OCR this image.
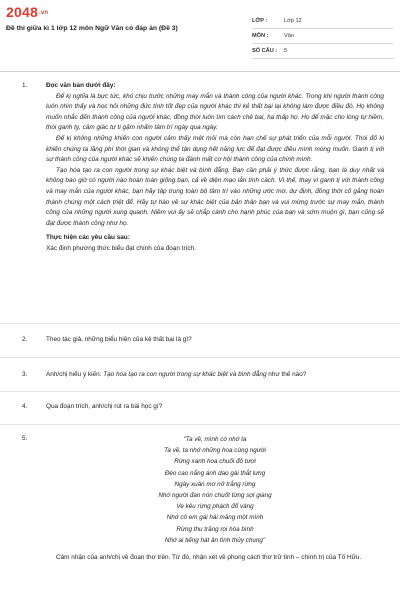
2048.vn
Đề thi giữa kì 1 lớp 12 môn Ngữ Văn có đáp án (Đề 3)
LỚP :	Lớp 12
MÔN :	Văn
SỐ CÂU : 5
1.	Đọc văn bản dưới đây:

Để kị nghĩa là bực tức, khó chịu trước những may mắn và thành công của người khác. Trong khi người thành công luôn nhìn thấy và học hỏi những đức tính tốt đẹp của người khác thì kẻ thất bại lại không làm được điều đó. Họ không muốn nhắc đến thành công của người khác, đồng thời luôn tìm cách chê bai, hạ thấp họ. Họ để mặc cho lòng tự hiềm, thói ganh tỵ, cảm giác tự ti gặm nhấm tâm trí ngày qua ngày.

Để kị không những khiến con người cảm thấy mệt mỏi mà còn hạn chế sự phát triển của mỗi người. Thói đố kị khiến chúng ta lãng phí thời gian và không thể tận dụng hết năng lực để đạt được điều mình mong muốn. Ganh tị với sự thành công của người khác sẽ khiến chúng ta đánh mất cơ hội thành công của chính mình.

Tạo hóa tạo ra con người trong sự khác biệt và bình đẳng. Bạn cần phải ý thức được rằng, bạn là duy nhất và không bao giờ có người nào hoàn toàn giống bạn, cả về diện mạo lẫn tính cách. Vì thế, thay vì ganh tị với thành công và may mắn của người khác, bạn hãy tập trung toàn bộ tâm trí vào những ước mơ, dự định, đồng thời cố gắng hoàn thành chúng một cách triệt để. Hãy tự hào về sự khác biệt của bản thân bạn và vui mừng trước sự may mắn, thành công của những người xung quanh. Niềm vui ấy sẽ chắp cánh cho hạnh phúc của bạn và sớm muộn gì, bạn cũng sẽ đạt được thành công như họ.

Thực hiện các yêu cầu sau:
Xác định phương thức biểu đạt chính của đoạn trích.
2.	Theo tác giả, những biểu hiện của kẻ thất bại là gì?
3.	Anh/chị hiểu ý kiến: Tạo hóa tạo ra con người trong sự khác biệt và bình đẳng như thế nào?
4.	Qua đoạn trích, anh/chị rút ra bài học gì?
5.	"Ta về, mình có nhớ ta
Ta về, ta nhớ những hoa cùng người
Rừng xanh hoa chuối đỏ tươi
Đèo cao nắng ánh dao gài thắt lưng
Ngày xuân mơ nở trắng rừng
Nhớ người đan nón chuốt từng sợi giang
Ve kêu rừng phách đổ vàng
Nhớ cô em gái hái măng một mình
Rừng thu trăng rọi hòa bình
Nhớ ai tiếng hát ân tình thủy chung"

Cảm nhận của anh/chị về đoạn thơ trên. Từ đó, nhận xét về phong cách thơ trữ tình – chính trị của Tố Hữu.
